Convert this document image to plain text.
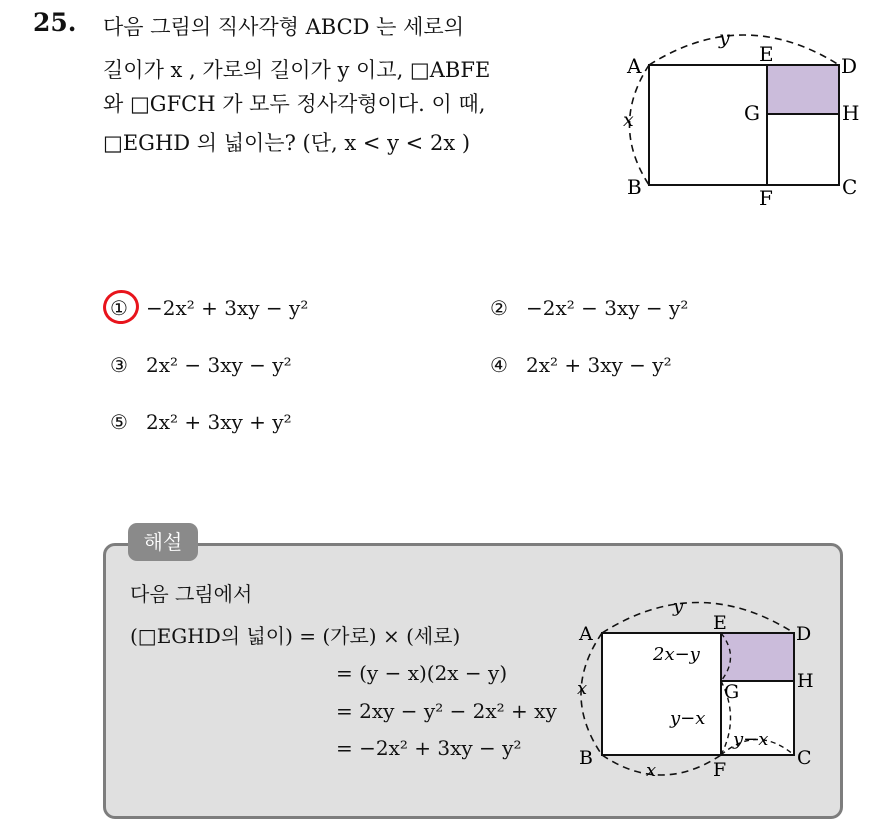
25. 다음 그림의 직사각형 ABCD 는 세로의
길이가 x , 가로의 길이가 y 이고, □ABFE
와 □GFCH 가 모두 정사각형이다. 이 때,
□EGHD 의 넓이는? (단, x < y < 2x )
y
x
A
B	C
D
E
F
G	H
① −2x² + 3xy − y²	② −2x² − 3xy − y²
③ 2x² − 3xy − y²	④ 2x² + 3xy − y²
⑤ 2x² + 3xy + y²
해설
다음 그림에서
(□EGHD의 넓이) = (가로) × (세로)
= (y − x)(2x − y)
= 2xy − y² − 2x² + xy
= −2x² + 3xy − y²
y
x
x
2x−y
y−x
y−x
A
B	C
D
E
F
G	H
